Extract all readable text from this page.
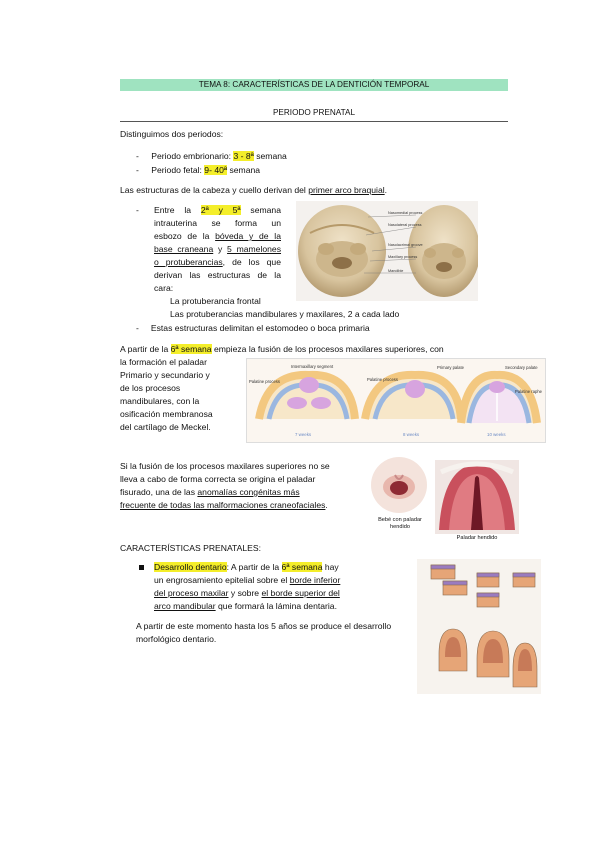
TEMA 8: CARACTERÍSTICAS DE LA DENTICIÓN TEMPORAL
PERIODO PRENATAL
Distinguimos dos periodos:
- Periodo embrionario: 3 - 8ª semana
- Periodo fetal: 9- 40ª semana
Las estructuras de la cabeza y cuello derivan del primer arco braquial.
- Entre la 2ª y 5ª semana
intrauterina se forma un
esbozo de la bóveda y de la
base craneana y 5 mamelones
o protuberancias, de los que
derivan las estructuras de la
cara:
La protuberancia frontal
Las protuberancias mandibulares y maxilares, 2 a cada lado
- Estas estructuras delimitan el estomodeo o boca primaria
Nasomedial process
Nasolateral process
Nasolacrimal groove
Maxillary process
Mandible
A partir de la 6ª semana empieza la fusión de los procesos maxilares superiores, con
la formación el paladar
Primario y secundario y
de los procesos
mandibulares, con la
osificación membranosa
del cartílago de Meckel.
Intermaxillary segment
Palatine process	Palatine process
Primary palate	Secondary palate
Palatine raphe
7 weeks	8 weeks	10 weeks
Si la fusión de los procesos maxilares superiores no se
lleva a cabo de forma correcta se origina el paladar
fisurado, una de las anomalías congénitas más
frecuente de todas las malformaciones craneofaciales.
Bebé con paladar
hendido
Paladar hendido
CARACTERÍSTICAS PRENATALES:
Desarrollo dentario: A partir de la 6ª semana hay
un engrosamiento epitelial sobre el borde inferior
del proceso maxilar y sobre el borde superior del
arco mandibular que formará la lámina dentaria.
A partir de este momento hasta los 5 años se produce el desarrollo
morfológico dentario.
